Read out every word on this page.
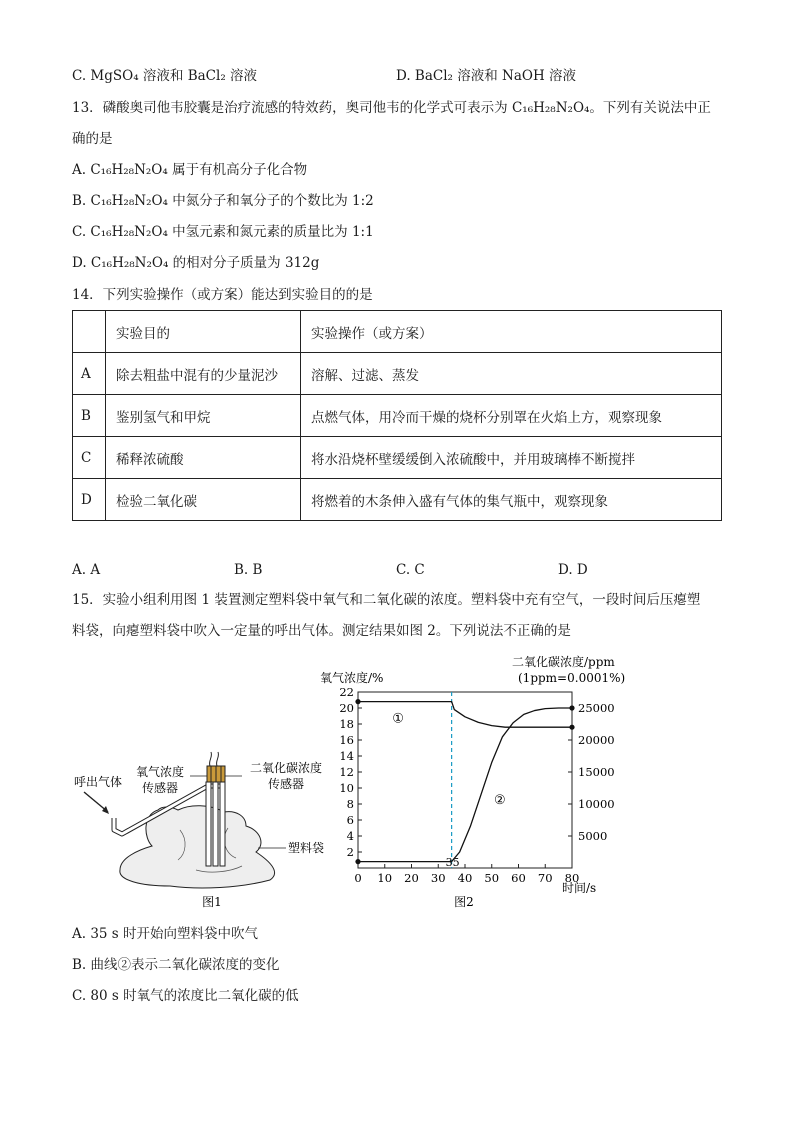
C. MgSO₄ 溶液和 BaCl₂ 溶液	D. BaCl₂ 溶液和 NaOH 溶液
13．磷酸奥司他韦胶囊是治疗流感的特效药，奥司他韦的化学式可表示为 C₁₆H₂₈N₂O₄。下列有关说法中正
确的是
A. C₁₆H₂₈N₂O₄ 属于有机高分子化合物
B. C₁₆H₂₈N₂O₄ 中氮分子和氧分子的个数比为 1:2
C. C₁₆H₂₈N₂O₄ 中氢元素和氮元素的质量比为 1:1
D. C₁₆H₂₈N₂O₄ 的相对分子质量为 312g
14．下列实验操作（或方案）能达到实验目的的是
	实验目的	实验操作（或方案）
A	除去粗盐中混有的少量泥沙	溶解、过滤、蒸发
B	鉴别氢气和甲烷	点燃气体，用冷而干燥的烧杯分别罩在火焰上方，观察现象
C	稀释浓硫酸	将水沿烧杯壁缓缓倒入浓硫酸中，并用玻璃棒不断搅拌
D	检验二氧化碳	将燃着的木条伸入盛有气体的集气瓶中，观察现象
A. A	B. B	C. C	D. D
15．实验小组利用图 1 装置测定塑料袋中氧气和二氧化碳的浓度。塑料袋中充有空气，一段时间后压瘪塑
料袋，向瘪塑料袋中吹入一定量的呼出气体。测定结果如图 2。下列说法不正确的是
氧气浓度
传感器
二氧化碳浓度
传感器
呼出气体
塑料袋
图1
氧气浓度/%
二氧化碳浓度/ppm
(1ppm=0.0001%)
时间/s
图2
0 10 20 30 40 50 60 70 80
2
4
6
8
10
12
14
16
18
20
22
5000
10000
15000
20000
25000
35
①
②
A. 35 s 时开始向塑料袋中吹气
B. 曲线②表示二氧化碳浓度的变化
C. 80 s 时氧气的浓度比二氧化碳的低
